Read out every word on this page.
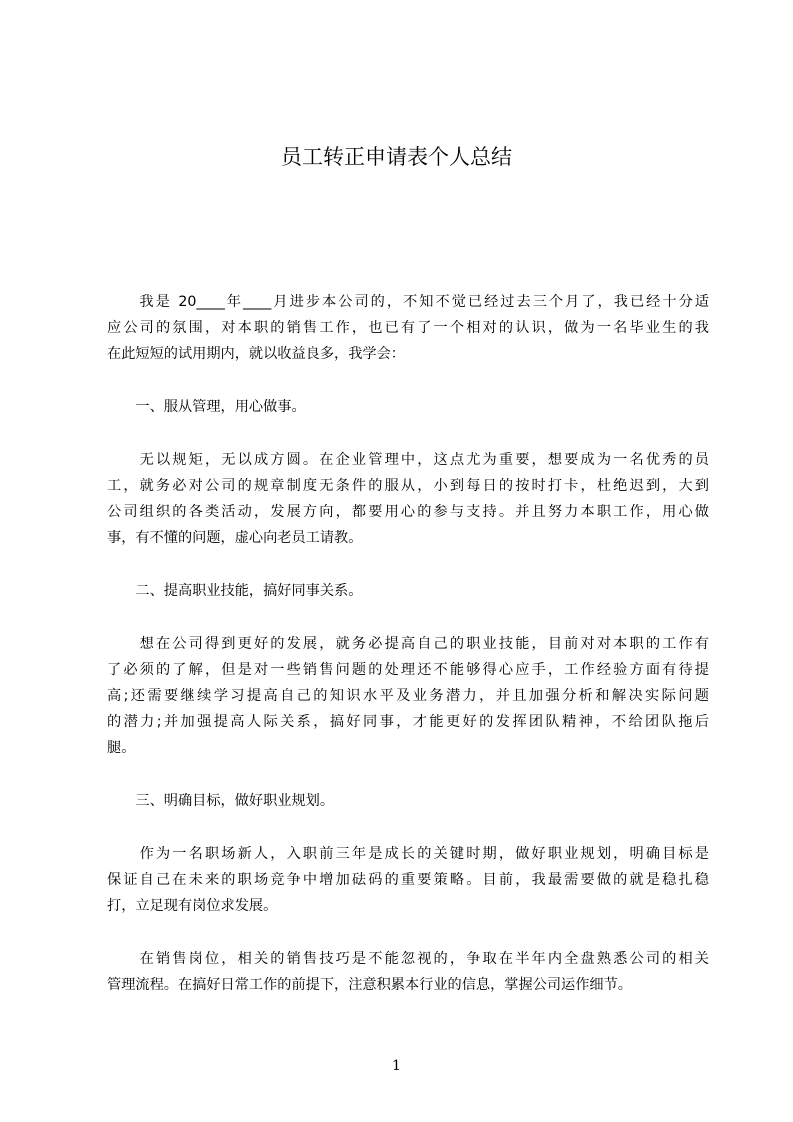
员工转正申请表个人总结
　　我是 20____年____月进步本公司的，不知不觉已经过去三个月了，我已经十分适
应公司的氛围，对本职的销售工作，也已有了一个相对的认识，做为一名毕业生的我
在此短短的试用期内，就以收益良多，我学会：
　　一、服从管理，用心做事。
　　无以规矩，无以成方圆。在企业管理中，这点尤为重要，想要成为一名优秀的员
工，就务必对公司的规章制度无条件的服从，小到每日的按时打卡，杜绝迟到，大到
公司组织的各类活动，发展方向，都要用心的参与支持。并且努力本职工作，用心做
事，有不懂的问题，虚心向老员工请教。
　　二、提高职业技能，搞好同事关系。
　　想在公司得到更好的发展，就务必提高自己的职业技能，目前对对本职的工作有
了必须的了解，但是对一些销售问题的处理还不能够得心应手，工作经验方面有待提
高;还需要继续学习提高自己的知识水平及业务潜力，并且加强分析和解决实际问题
的潜力;并加强提高人际关系，搞好同事，才能更好的发挥团队精神，不给团队拖后
腿。
　　三、明确目标，做好职业规划。
　　作为一名职场新人，入职前三年是成长的关键时期，做好职业规划，明确目标是
保证自己在未来的职场竞争中增加砝码的重要策略。目前，我最需要做的就是稳扎稳
打，立足现有岗位求发展。
　　在销售岗位，相关的销售技巧是不能忽视的，争取在半年内全盘熟悉公司的相关
管理流程。在搞好日常工作的前提下，注意积累本行业的信息，掌握公司运作细节。
1
